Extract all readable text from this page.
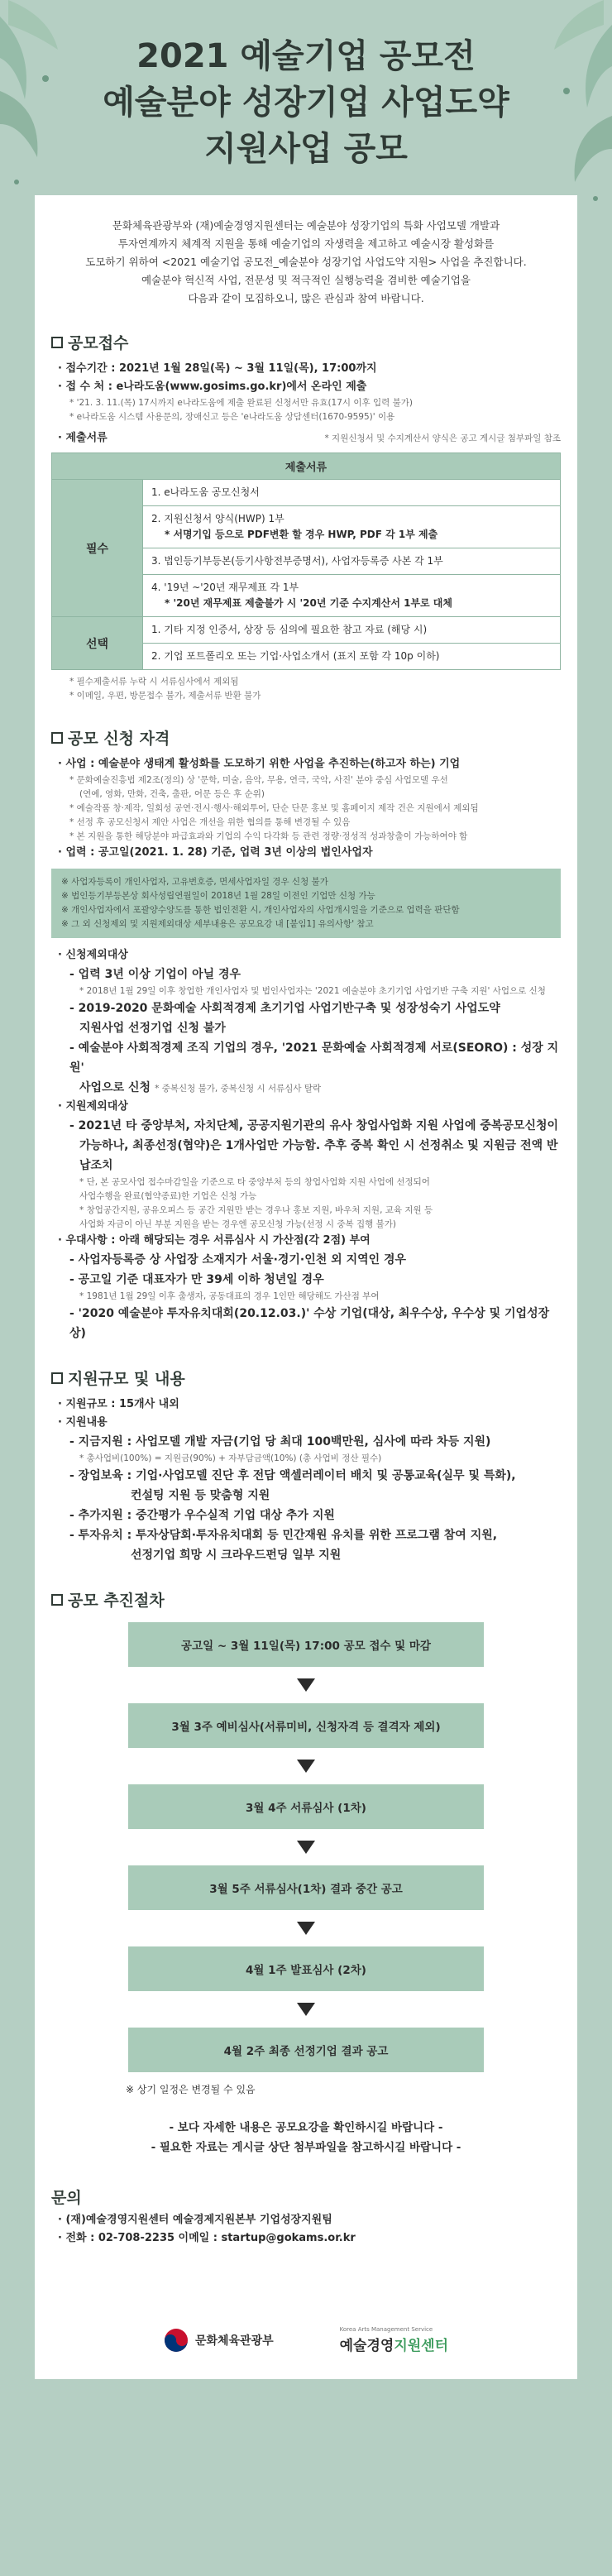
2021 예술기업 공모전
예술분야 성장기업 사업도약
지원사업 공모
문화체육관광부와 (재)예술경영지원센터는 예술분야 성장기업의 특화 사업모델 개발과
투자연계까지 체계적 지원을 통해 예술기업의 자생력을 제고하고 예술시장 활성화를
도모하기 위하여 <2021 예술기업 공모전_예술분야 성장기업 사업도약 지원> 사업을 추진합니다.
예술분야 혁신적 사업, 전문성 및 적극적인 실행능력을 겸비한 예술기업을
다음과 같이 모집하오니, 많은 관심과 참여 바랍니다.
공모접수
· 접수기간 : 2021년 1월 28일(목) ~ 3월 11일(목), 17:00까지
· 접 수 처 : e나라도움(www.gosims.go.kr)에서 온라인 제출
* '21. 3. 11.(목) 17시까지 e나라도움에 제출 완료된 신청서만 유효(17시 이후 입력 불가)
* e나라도움 시스템 사용문의, 장애신고 등은 'e나라도움 상담센터(1670-9595)' 이용
· 제출서류	* 지원신청서 및 수지계산서 양식은 공고 게시글 첨부파일 참조
제출서류	
필수	1. e나라도움 공모신청서

	2. 지원신청서 양식(HWP) 1부
* 서명기입 등으로 PDF변환 할 경우 HWP, PDF 각 1부 제출

	3. 법인등기부등본(등기사항전부증명서), 사업자등록증 사본 각 1부

	4. '19년 ~'20년 재무제표 각 1부
* '20년 재무제표 제출불가 시 '20년 기준 수지계산서 1부로 대체

선택	1. 기타 지정 인증서, 상장 등 심의에 필요한 참고 자료 (해당 시)
	2. 기업 포트폴리오 또는 기업·사업소개서 (표지 포함 각 10p 이하)
* 필수제출서류 누락 시 서류심사에서 제외됨
* 이메일, 우편, 방문접수 불가, 제출서류 반환 불가
공모 신청 자격
· 사업 : 예술분야 생태계 활성화를 도모하기 위한 사업을 추진하는(하고자 하는) 기업
* 문화예술진흥법 제2조(정의) 상 '문학, 미술, 음악, 무용, 연극, 국악, 사진' 분야 중심 사업모델 우선
(연예, 영화, 만화, 건축, 출판, 어문 등은 후 순위)
* 예술작품 창·제작, 일회성 공연·전시·행사·해외투어, 단순 단문 홍보 및 홈페이지 제작 건은 지원에서 제외됨
* 선정 후 공모신청서 제안 사업은 개선을 위한 협의를 통해 변경될 수 있음
* 본 지원을 통한 해당분야 파급효과와 기업의 수익 다각화 등 관련 정량·정성적 성과창출이 가능하여야 함
· 업력 : 공고일(2021. 1. 28) 기준, 업력 3년 이상의 법인사업자
※ 사업자등록이 개인사업자, 고유번호증, 면세사업자일 경우 신청 불가
※ 법인등기부등본상 회사성립연월일이 2018년 1월 28일 이전인 기업만 신청 가능
※ 개인사업자에서 포괄양수양도를 통한 법인전환 시, 개인사업자의 사업개시일을 기준으로 업력을 판단함
※ 그 외 신청제외 및 지원제외대상 세부내용은 공모요강 내 [붙임1] 유의사항' 참고
· 신청제외대상
- 업력 3년 이상 기업이 아닐 경우
* 2018년 1월 29일 이후 창업한 개인사업자 및 법인사업자는 '2021 예술분야 초기기업 사업기반 구축 지원' 사업으로 신청
- 2019-2020 문화예술 사회적경제 초기기업 사업기반구축 및 성장성숙기 사업도약
지원사업 선정기업 신청 불가
- 예술분야 사회적경제 조직 기업의 경우, '2021 문화예술 사회적경제 서로(SEORO) : 성장 지원'
사업으로 신청 * 중복신청 불가, 중복신청 시 서류심사 탈락
· 지원제외대상
- 2021년 타 중앙부처, 자치단체, 공공지원기관의 유사 창업사업화 지원 사업에 중복공모신청이
가능하나, 최종선정(협약)은 1개사업만 가능함. 추후 중복 확인 시 선정취소 및 지원금 전액 반납조치
* 단, 본 공모사업 접수마감일을 기준으로 타 중앙부처 등의 창업사업화 지원 사업에 선정되어
사업수행을 완료(협약종료)한 기업은 신청 가능
* 창업공간지원, 공유오피스 등 공간 지원만 받는 경우나 홍보 지원, 바우처 지원, 교육 지원 등
사업화 자금이 아닌 부분 지원을 받는 경우엔 공모신청 가능(선정 시 중복 집행 불가)
· 우대사항 : 아래 해당되는 경우 서류심사 시 가산점(각 2점) 부여
- 사업자등록증 상 사업장 소재지가 서울·경기·인천 외 지역인 경우
- 공고일 기준 대표자가 만 39세 이하 청년일 경우
* 1981년 1월 29일 이후 출생자, 공동대표의 경우 1인만 해당해도 가산점 부여
- '2020 예술분야 투자유치대회(20.12.03.)' 수상 기업(대상, 최우수상, 우수상 및 기업성장상)
지원규모 및 내용
· 지원규모 : 15개사 내외
· 지원내용
- 지금지원 : 사업모델 개발 자금(기업 당 최대 100백만원, 심사에 따라 차등 지원)
* 총사업비(100%) = 지원금(90%) + 자부담금액(10%) (총 사업비 정산 필수)
- 장업보육 : 기업·사업모델 진단 후 전담 액셀러레이터 배치 및 공통교육(실무 및 특화),
컨설팅 지원 등 맞춤형 지원
- 추가지원 : 중간평가 우수실적 기업 대상 추가 지원
- 투자유치 : 투자상담회·투자유치대회 등 민간재원 유치를 위한 프로그램 참여 지원,
선정기업 희망 시 크라우드펀딩 일부 지원
공모 추진절차
공고일 ~ 3월 11일(목) 17:00 공모 접수 및 마감
3월 3주 예비심사(서류미비, 신청자격 등 결격자 제외)
3월 4주 서류심사 (1차)
3월 5주 서류심사(1차) 결과 중간 공고
4월 1주 발표심사 (2차)
4월 2주 최종 선정기업 결과 공고
※ 상기 일정은 변경될 수 있음
- 보다 자세한 내용은 공모요강을 확인하시길 바랍니다 -
- 필요한 자료는 게시글 상단 첨부파일을 참고하시길 바랍니다 -
문의
· (재)예술경영지원센터 예술경제지원본부 기업성장지원팀
· 전화 : 02-708-2235 이메일 : startup@gokams.or.kr
문화체육관광부
Korea Arts Management Service
예술경영지원센터
